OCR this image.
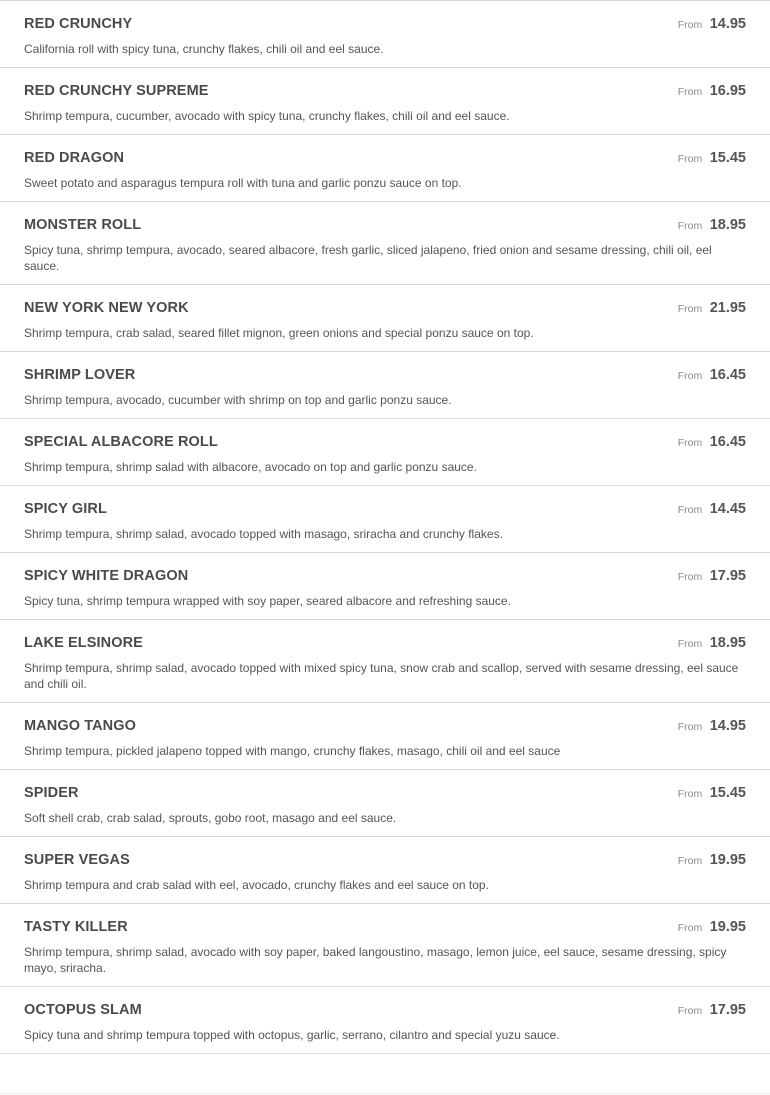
RED CRUNCHY	From 14.95
California roll with spicy tuna, crunchy flakes, chili oil and eel sauce.
RED CRUNCHY SUPREME	From 16.95
Shrimp tempura, cucumber, avocado with spicy tuna, crunchy flakes, chili oil and eel sauce.
RED DRAGON	From 15.45
Sweet potato and asparagus tempura roll with tuna and garlic ponzu sauce on top.
MONSTER ROLL	From 18.95
Spicy tuna, shrimp tempura, avocado, seared albacore, fresh garlic, sliced jalapeno, fried onion and sesame dressing, chili oil, eel sauce.
NEW YORK NEW YORK	From 21.95
Shrimp tempura, crab salad, seared fillet mignon, green onions and special ponzu sauce on top.
SHRIMP LOVER	From 16.45
Shrimp tempura, avocado, cucumber with shrimp on top and garlic ponzu sauce.
SPECIAL ALBACORE ROLL	From 16.45
Shrimp tempura, shrimp salad with albacore, avocado on top and garlic ponzu sauce.
SPICY GIRL	From 14.45
Shrimp tempura, shrimp salad, avocado topped with masago, sriracha and crunchy flakes.
SPICY WHITE DRAGON	From 17.95
Spicy tuna, shrimp tempura wrapped with soy paper, seared albacore and refreshing sauce.
LAKE ELSINORE	From 18.95
Shrimp tempura, shrimp salad, avocado topped with mixed spicy tuna, snow crab and scallop, served with sesame dressing, eel sauce and chili oil.
MANGO TANGO	From 14.95
Shrimp tempura, pickled jalapeno topped with mango, crunchy flakes, masago, chili oil and eel sauce
SPIDER	From 15.45
Soft shell crab, crab salad, sprouts, gobo root, masago and eel sauce.
SUPER VEGAS	From 19.95
Shrimp tempura and crab salad with eel, avocado, crunchy flakes and eel sauce on top.
TASTY KILLER	From 19.95
Shrimp tempura, shrimp salad, avocado with soy paper, baked langoustino, masago, lemon juice, eel sauce, sesame dressing, spicy mayo, sriracha.
OCTOPUS SLAM	From 17.95
Spicy tuna and shrimp tempura topped with octopus, garlic, serrano, cilantro and special yuzu sauce.
